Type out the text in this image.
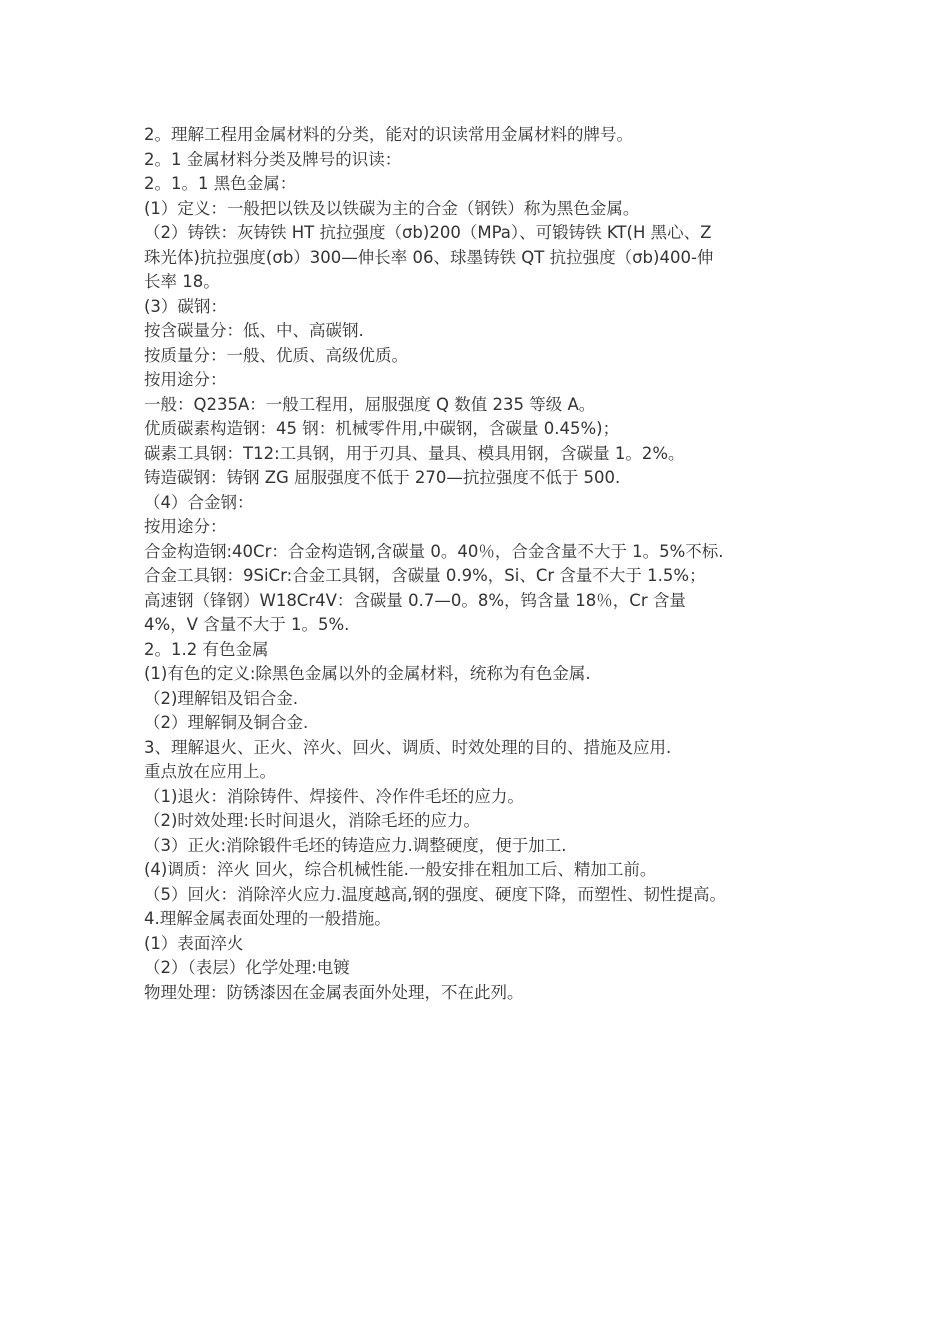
2。理解工程用金属材料的分类，能对的识读常用金属材料的牌号。
2。1 金属材料分类及牌号的识读：
2。1。1 黑色金属：
(1）定义：一般把以铁及以铁碳为主的合金（钢铁）称为黑色金属。
（2）铸铁：灰铸铁 HT 抗拉强度（σb)200（MPa）、可锻铸铁 KT(H 黑心、Z
珠光体)抗拉强度(σb）300—伸长率 06、球墨铸铁 QT 抗拉强度（σb)400-伸
长率 18。
(3）碳钢：
按含碳量分：低、中、高碳钢.
按质量分：一般、优质、高级优质。
按用途分：
一般：Q235A：一般工程用，屈服强度 Q 数值 235 等级 A。
优质碳素构造钢：45 钢：机械零件用,中碳钢，含碳量 0.45%)；
碳素工具钢：T12:工具钢，用于刃具、量具、模具用钢，含碳量 1。2%。
铸造碳钢：铸钢 ZG 屈服强度不低于 270—抗拉强度不低于 500.
（4）合金钢：
按用途分：
合金构造钢:40Cr：合金构造钢,含碳量 0。40％，合金含量不大于 1。5%不标.
合金工具钢：9SiCr:合金工具钢，含碳量 0.9%，Si、Cr 含量不大于 1.5%；
高速钢（锋钢）W18Cr4V：含碳量 0.7—0。8%，钨含量 18％，Cr 含量
4%，V 含量不大于 1。5%.
2。1.2 有色金属
(1)有色的定义:除黑色金属以外的金属材料，统称为有色金属.
（2)理解铝及铝合金.
（2）理解铜及铜合金.
3、理解退火、正火、淬火、回火、调质、时效处理的目的、措施及应用.
重点放在应用上。
（1)退火：消除铸件、焊接件、冷作件毛坯的应力。
（2)时效处理:长时间退火，消除毛坯的应力。
（3）正火:消除锻件毛坯的铸造应力.调整硬度，便于加工.
(4)调质：淬火 回火，综合机械性能.一般安排在粗加工后、精加工前。
（5）回火：消除淬火应力.温度越高,钢的强度、硬度下降，而塑性、韧性提高。
4.理解金属表面处理的一般措施。
(1）表面淬火
（2）（表层）化学处理:电镀
物理处理：防锈漆因在金属表面外处理，不在此列。
